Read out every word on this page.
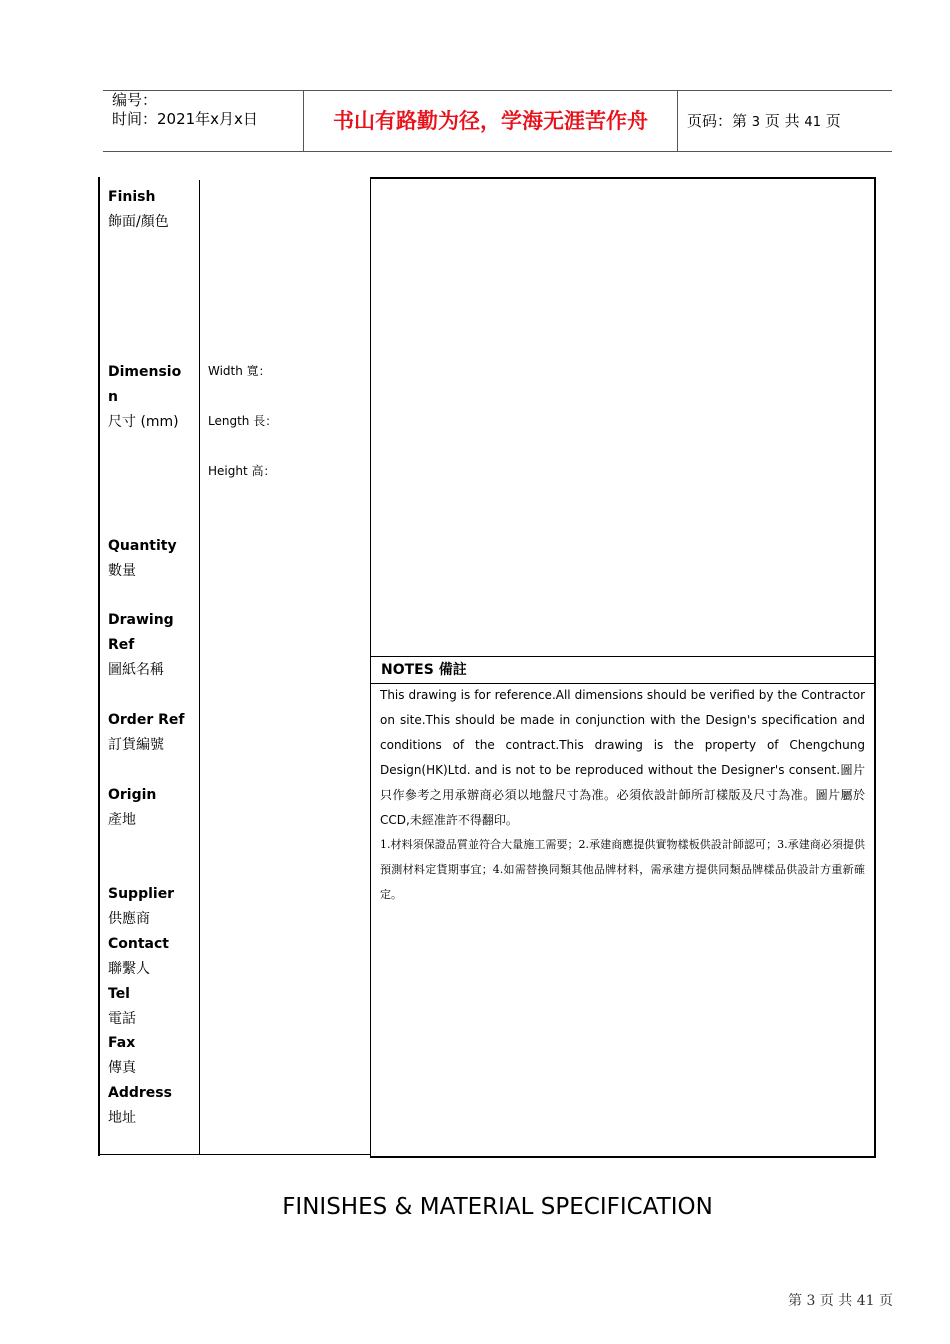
编号：
时间：2021年x月x日	书山有路勤为径，学海无涯苦作舟	页码：第 3 页 共 41 页
Finish
飾面/顏色
Dimensio
n
尺寸 (mm)
Width 寬：
Length 長：
Height 高：
Quantity
數量
Drawing
Ref
圖紙名稱
Order Ref
訂貨編號
Origin
產地
Supplier
供應商
Contact
聯繫人
Tel
電話
Fax
傳真
Address
地址
NOTES 備註
This drawing is for reference.All dimensions should be verified by the Contractor on site.This should be made in conjunction with the Design's specification and conditions of the contract.This drawing is the property of Chengchung Design(HK)Ltd. and is not to be reproduced without the Designer's consent.圖片只作參考之用承辦商必須以地盤尺寸為准。必須依設計師所訂樣版及尺寸為准。圖片屬於CCD,未經准許不得翻印。
1.材料須保證品質並符合大量施工需要；2.承建商應提供實物樣板供設計師認可；3.承建商必須提供預測材料定貨期事宜；4.如需替換同類其他品牌材料，需承建方提供同類品牌樣品供設計方重新確定。
FINISHES & MATERIAL SPECIFICATION
第 3 页 共 41 页
